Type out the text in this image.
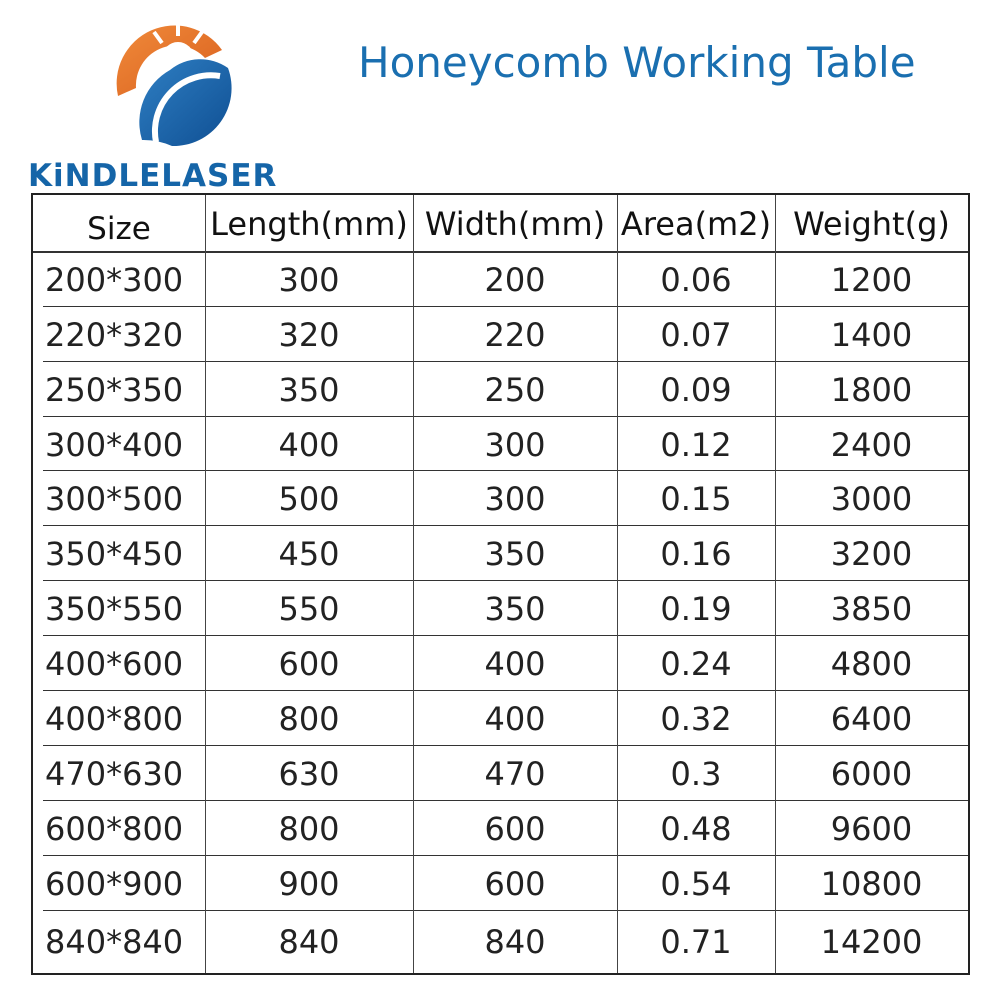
KiNDLELASER
Honeycomb Working Table
Size	Length(mm) Width(mm) Area(m2) Weight(g)
200*300	300	200	0.06	1200
220*320	320	220	0.07	1400
250*350	350	250	0.09	1800
300*400	400	300	0.12	2400
300*500	500	300	0.15	3000
350*450	450	350	0.16	3200
350*550	550	350	0.19	3850
400*600	600	400	0.24	4800
400*800	800	400	0.32	6400
470*630	630	470	0.3	6000
600*800	800	600	0.48	9600
600*900	900	600	0.54	10800
840*840	840	840	0.71	14200
